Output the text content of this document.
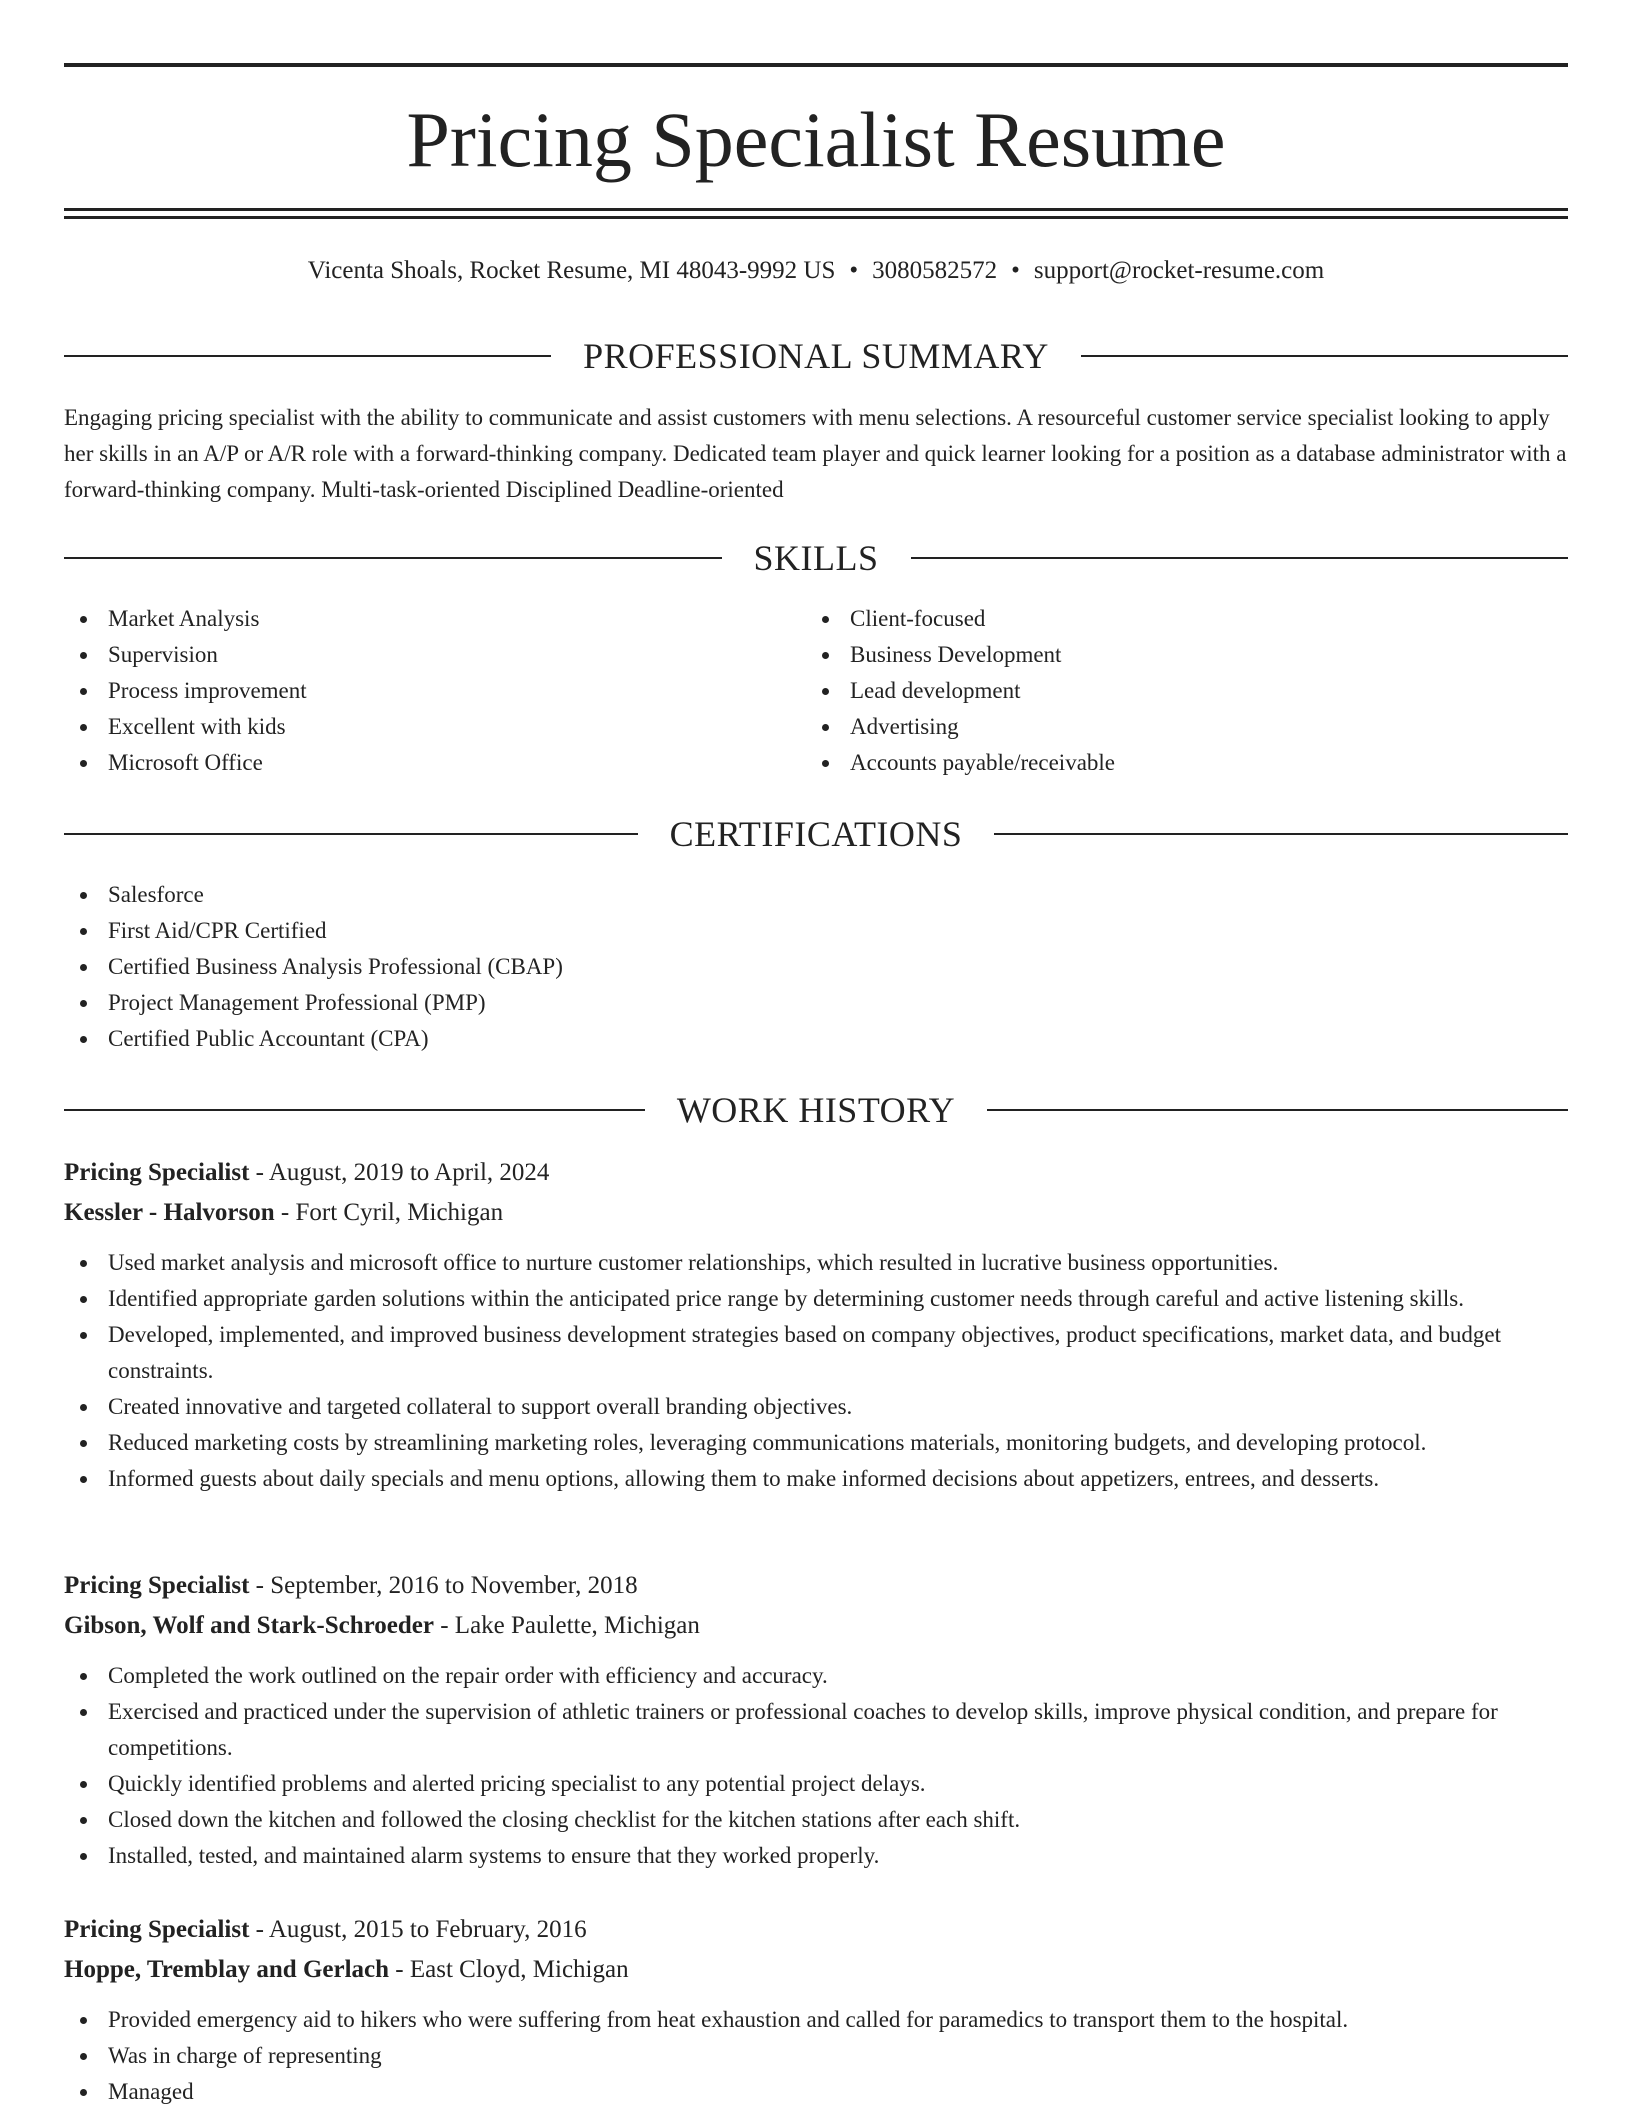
Pricing Specialist Resume
Vicenta Shoals, Rocket Resume, MI 48043-9992 US • 3080582572 • support@rocket-resume.com
PROFESSIONAL SUMMARY

Engaging pricing specialist with the ability to communicate and assist customers with menu selections. A resourceful customer service specialist looking to apply her skills in an A/P or A/R role with a forward-thinking company. Dedicated team player and quick learner looking for a position as a database administrator with a forward-thinking company. Multi-task-oriented Disciplined Deadline-oriented

SKILLS
Market Analysis
Supervision
Process improvement
Excellent with kids
Microsoft Office
Client-focused
Business Development
Lead development
Advertising
Accounts payable/receivable
CERTIFICATIONS
Salesforce
First Aid/CPR Certified
Certified Business Analysis Professional (CBAP)
Project Management Professional (PMP)
Certified Public Accountant (CPA)
WORK HISTORY
Pricing Specialist - August, 2019 to April, 2024
Kessler - Halvorson - Fort Cyril, Michigan
Used market analysis and microsoft office to nurture customer relationships, which resulted in lucrative business opportunities.
Identified appropriate garden solutions within the anticipated price range by determining customer needs through careful and active listening skills.
Developed, implemented, and improved business development strategies based on company objectives, product specifications, market data, and budget constraints.
Created innovative and targeted collateral to support overall branding objectives.
Reduced marketing costs by streamlining marketing roles, leveraging communications materials, monitoring budgets, and developing protocol.
Informed guests about daily specials and menu options, allowing them to make informed decisions about appetizers, entrees, and desserts.
Pricing Specialist - September, 2016 to November, 2018
Gibson, Wolf and Stark-Schroeder - Lake Paulette, Michigan
Completed the work outlined on the repair order with efficiency and accuracy.
Exercised and practiced under the supervision of athletic trainers or professional coaches to develop skills, improve physical condition, and prepare for competitions.
Quickly identified problems and alerted pricing specialist to any potential project delays.
Closed down the kitchen and followed the closing checklist for the kitchen stations after each shift.
Installed, tested, and maintained alarm systems to ensure that they worked properly.
Pricing Specialist - August, 2015 to February, 2016
Hoppe, Tremblay and Gerlach - East Cloyd, Michigan
Provided emergency aid to hikers who were suffering from heat exhaustion and called for paramedics to transport them to the hospital.
Was in charge of representing
Managed
